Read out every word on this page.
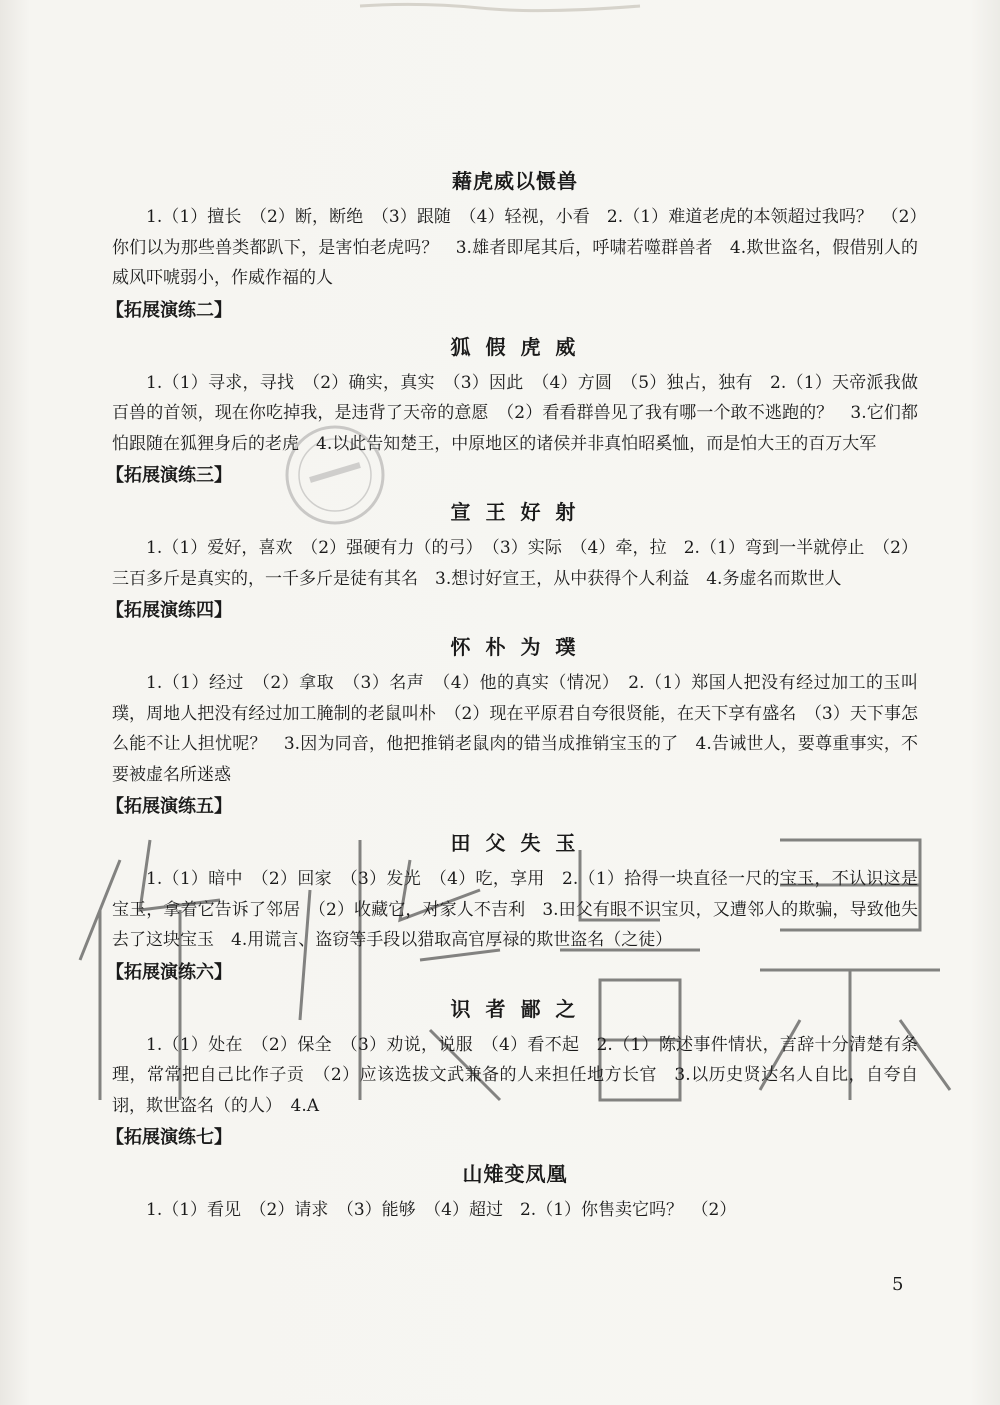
藉虎威以慑兽

1.（1）擅长　（2）断，断绝　（3）跟随　（4）轻视，小看　2.（1）难道老虎的本领超过我吗？　（2）你们以为那些兽类都趴下，是害怕老虎吗？　3.雄者即尾其后，呼啸若噬群兽者　4.欺世盗名，假借别人的威风吓唬弱小，作威作福的人

【拓展演练二】
狐 假 虎 威

1.（1）寻求，寻找　（2）确实，真实　（3）因此　（4）方圆　（5）独占，独有　2.（1）天帝派我做百兽的首领，现在你吃掉我，是违背了天帝的意愿　（2）看看群兽见了我有哪一个敢不逃跑的？　3.它们都怕跟随在狐狸身后的老虎　4.以此告知楚王，中原地区的诸侯并非真怕昭奚恤，而是怕大王的百万大军

【拓展演练三】
宣 王 好 射

1.（1）爱好，喜欢　（2）强硬有力（的弓）　（3）实际　（4）牵，拉　2.（1）弯到一半就停止　（2）三百多斤是真实的，一千多斤是徒有其名　3.想讨好宣王，从中获得个人利益　4.务虚名而欺世人

【拓展演练四】
怀 朴 为 璞

1.（1）经过　（2）拿取　（3）名声　（4）他的真实（情况）　2.（1）郑国人把没有经过加工的玉叫璞，周地人把没有经过加工腌制的老鼠叫朴　（2）现在平原君自夸很贤能，在天下享有盛名　（3）天下事怎么能不让人担忧呢？　3.因为同音，他把推销老鼠肉的错当成推销宝玉的了　4.告诫世人，要尊重事实，不要被虚名所迷惑

【拓展演练五】
田 父 失 玉

1.（1）暗中　（2）回家　（3）发光　（4）吃，享用　2.（1）拾得一块直径一尺的宝玉，不认识这是宝玉，拿着它告诉了邻居　（2）收藏它，对家人不吉利　3.田父有眼不识宝贝，又遭邻人的欺骗，导致他失去了这块宝玉　4.用谎言、盗窃等手段以猎取高官厚禄的欺世盗名（之徒）

【拓展演练六】
识 者 鄙 之

1.（1）处在　（2）保全　（3）劝说，说服　（4）看不起　2.（1）陈述事件情状，言辞十分清楚有条理，常常把自己比作子贡　（2）应该选拔文武兼备的人来担任地方长官　3.以历史贤达名人自比，自夸自诩，欺世盗名（的人）　4.A

【拓展演练七】
山雉变凤凰

1.（1）看见　（2）请求　（3）能够　（4）超过　2.（1）你售卖它吗？　（2）

5
